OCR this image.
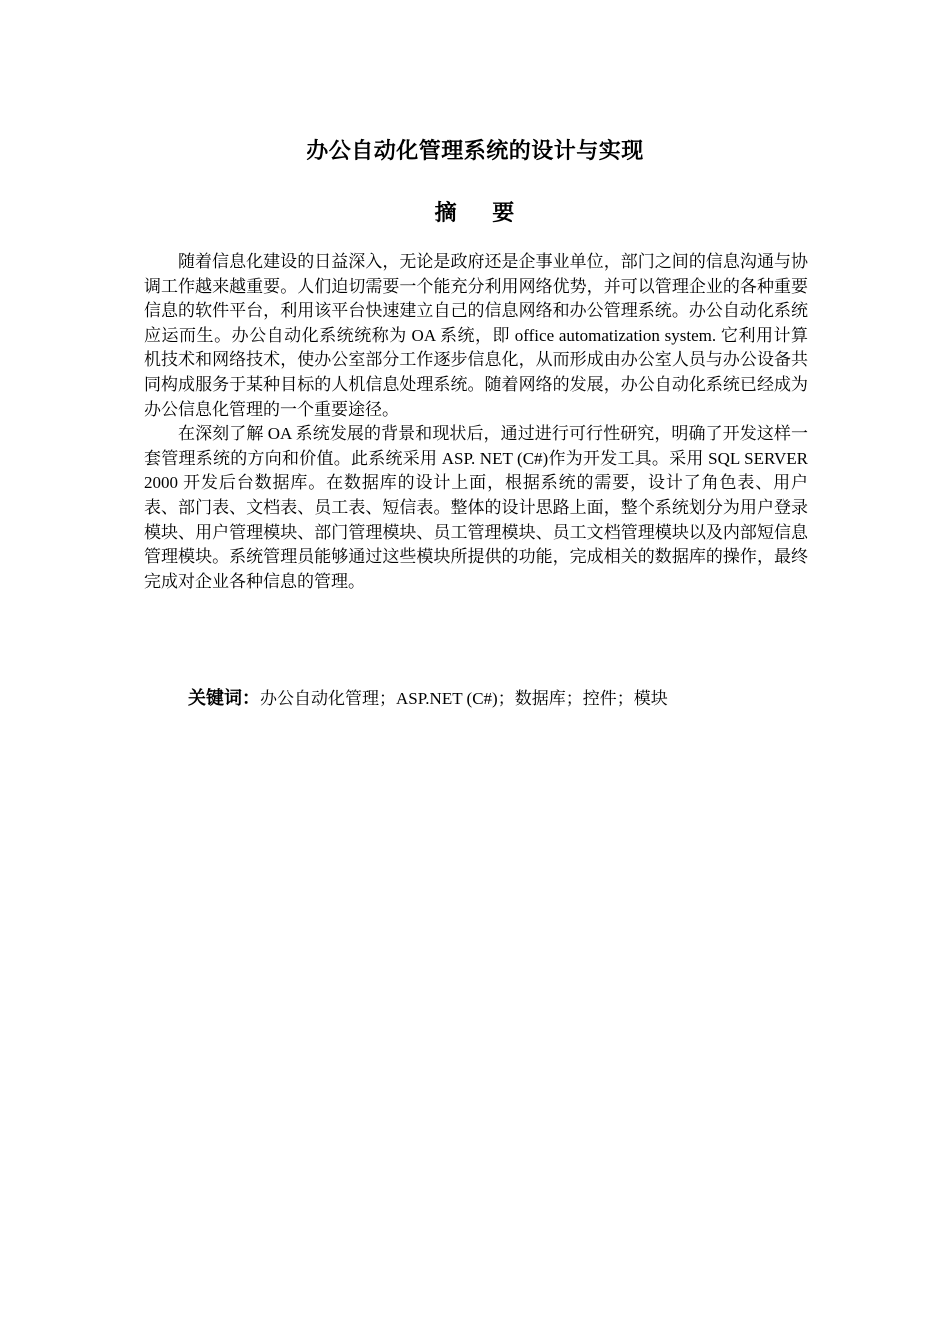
办公自动化管理系统的设计与实现
摘    要

随着信息化建设的日益深入，无论是政府还是企事业单位，部门之间的信息沟通与协调工作越来越重要。人们迫切需要一个能充分利用网络优势，并可以管理企业的各种重要信息的软件平台，利用该平台快速建立自己的信息网络和办公管理系统。办公自动化系统应运而生。办公自动化系统统称为 OA 系统，即 office automatization system. 它利用计算机技术和网络技术，使办公室部分工作逐步信息化，从而形成由办公室人员与办公设备共同构成服务于某种目标的人机信息处理系统。随着网络的发展，办公自动化系统已经成为办公信息化管理的一个重要途径。

在深刻了解 OA 系统发展的背景和现状后，通过进行可行性研究，明确了开发这样一套管理系统的方向和价值。此系统采用 ASP. NET (C#)作为开发工具。采用 SQL SERVER 2000 开发后台数据库。在数据库的设计上面，根据系统的需要，设计了角色表、用户表、部门表、文档表、员工表、短信表。整体的设计思路上面，整个系统划分为用户登录模块、用户管理模块、部门管理模块、员工管理模块、员工文档管理模块以及内部短信息管理模块。系统管理员能够通过这些模块所提供的功能，完成相关的数据库的操作，最终完成对企业各种信息的管理。

关键词：办公自动化管理；ASP.NET (C#)；数据库；控件；模块
